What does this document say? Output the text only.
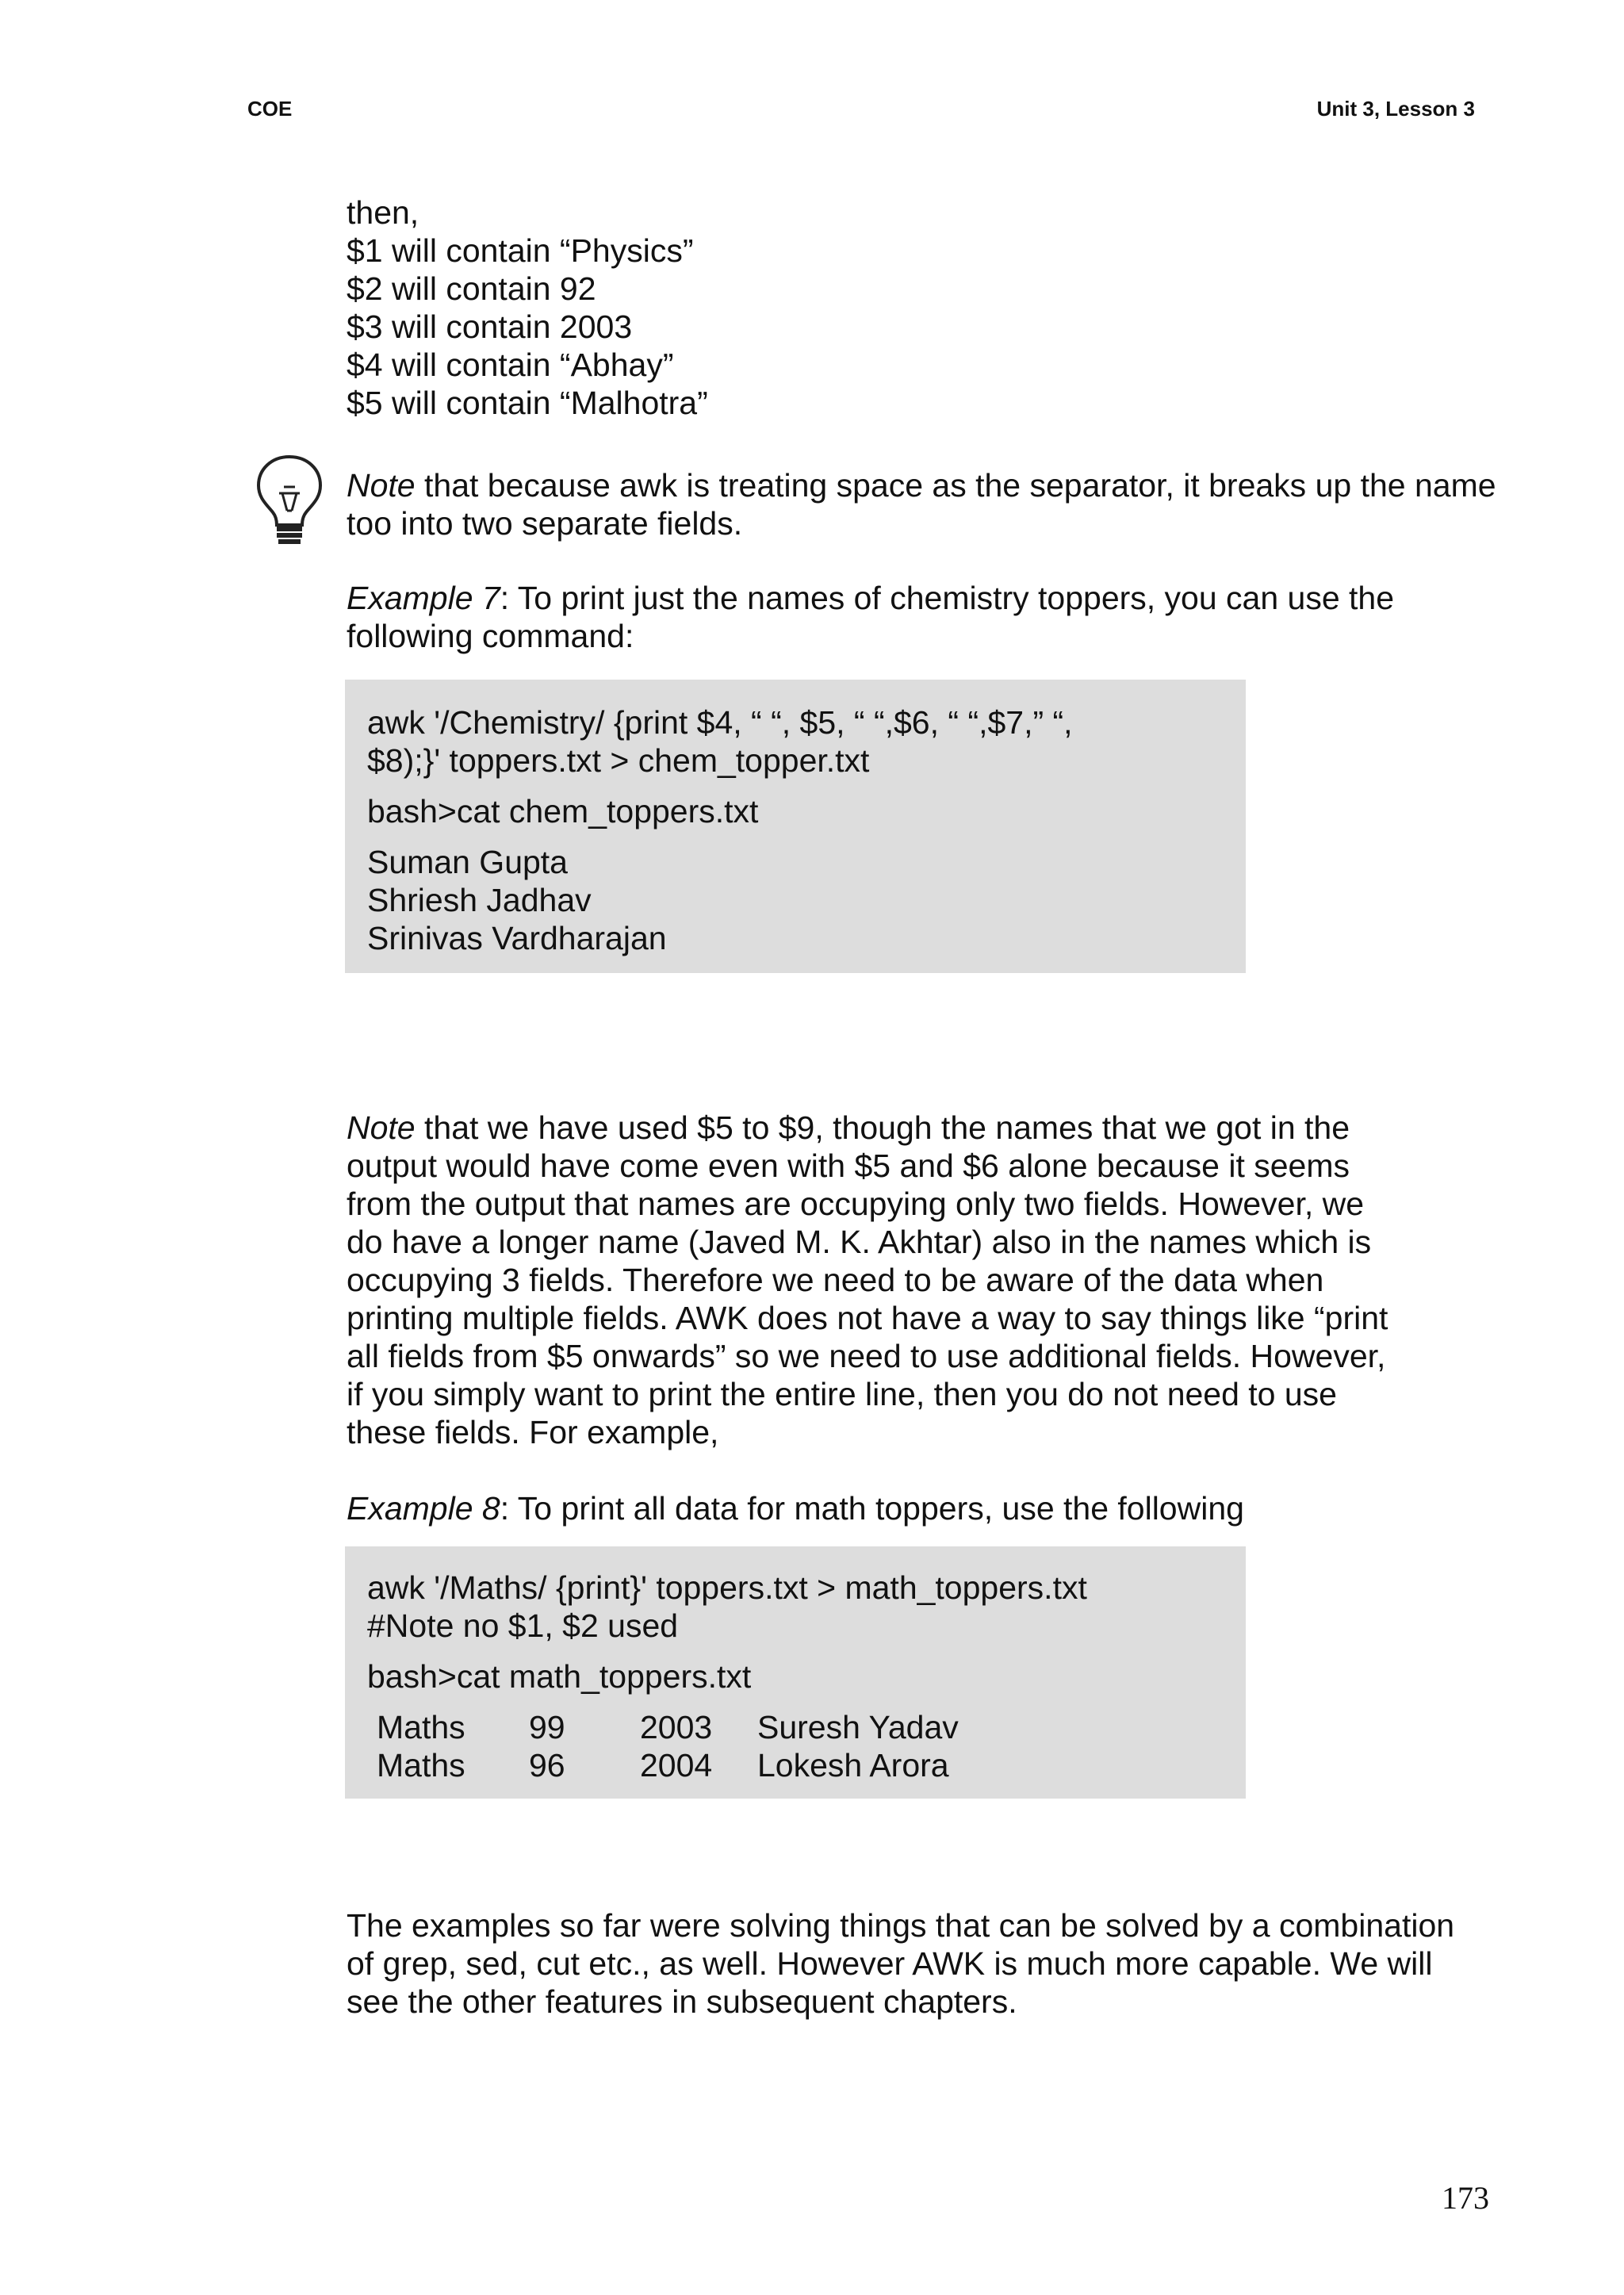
COE	Unit 3, Lesson 3
then,
$1 will contain “Physics”
$2 will contain 92
$3 will contain 2003
$4 will contain “Abhay”
$5 will contain “Malhotra”

Note that because awk is treating space as the separator, it breaks up the name too into two separate fields.

Example 7: To print just the names of chemistry toppers, you can use the following command:

awk '/Chemistry/ {print $4, “ “, $5, “ “,$6, “ “,$7,” “,
$8);}' toppers.txt > chem_topper.txt
bash>cat chem_toppers.txt
Suman Gupta
Shriesh Jadhav
Srinivas Vardharajan

Note that we have used $5 to $9, though the names that we got in the output would have come even with $5 and $6 alone because it seems from the output that names are occupying only two fields. However, we do have a longer name (Javed M. K. Akhtar) also in the names which is occupying 3 fields. Therefore we need to be aware of the data when printing multiple fields. AWK does not have a way to say things like “print all fields from $5 onwards” so we need to use additional fields. However, if you simply want to print the entire line, then you do not need to use these fields. For example,

Example 8: To print all data for math toppers, use the following

awk '/Maths/ {print}' toppers.txt > math_toppers.txt
#Note no $1, $2 used
bash>cat math_toppers.txt
Maths	99	2003	Suresh Yadav
Maths	96	2004	Lokesh Arora

The examples so far were solving things that can be solved by a combination of grep, sed, cut etc., as well. However AWK is much more capable. We will see the other features in subsequent chapters.

173
